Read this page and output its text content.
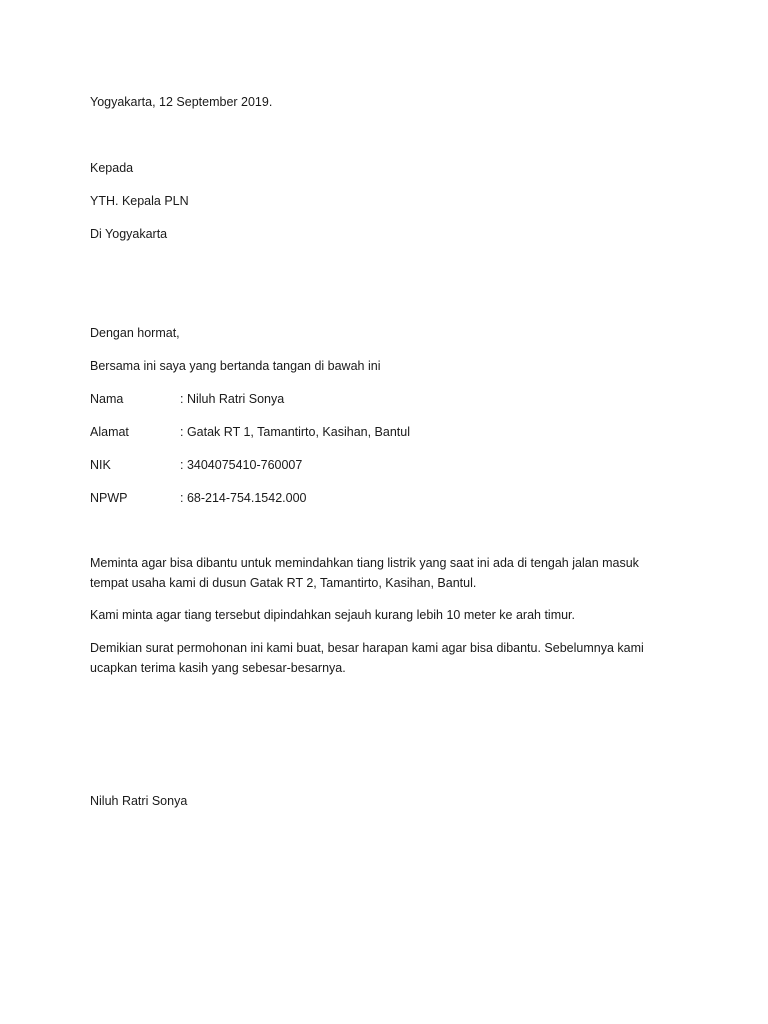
Yogyakarta, 12 September 2019.
Kepada
YTH. Kepala PLN
Di Yogyakarta
Dengan hormat,
Bersama ini saya yang bertanda tangan di bawah ini
Nama	: Niluh Ratri Sonya
Alamat	: Gatak RT 1, Tamantirto, Kasihan, Bantul
NIK	: 3404075410-760007
NPWP	: 68-214-754.1542.000
Meminta agar bisa dibantu untuk memindahkan tiang listrik yang saat ini ada di tengah jalan masuk
tempat usaha kami di dusun Gatak RT 2, Tamantirto, Kasihan, Bantul.
Kami minta agar tiang tersebut dipindahkan sejauh kurang lebih 10 meter ke arah timur.
Demikian surat permohonan ini kami buat, besar harapan kami agar bisa dibantu. Sebelumnya kami
ucapkan terima kasih yang sebesar-besarnya.
Niluh Ratri Sonya
